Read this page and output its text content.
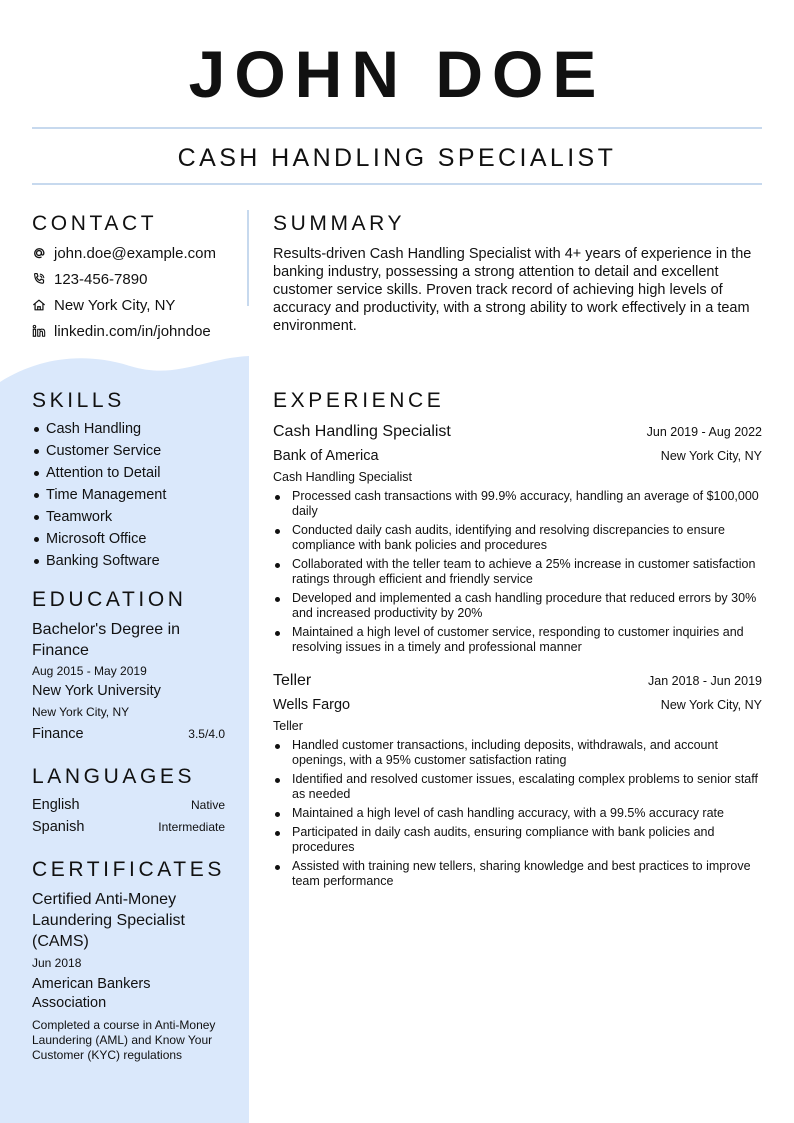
JOHN DOE
CASH HANDLING SPECIALIST
CONTACT
john.doe@example.com
123-456-7890
New York City, NY
linkedin.com/in/johndoe
SKILLS
Cash Handling
Customer Service
Attention to Detail
Time Management
Teamwork
Microsoft Office
Banking Software
EDUCATION
Bachelor's Degree in Finance
Aug 2015 - May 2019
New York University
New York City, NY
Finance	3.5/4.0
LANGUAGES
English	Native
Spanish	Intermediate
CERTIFICATES
Certified Anti-Money Laundering Specialist (CAMS)
Jun 2018
American Bankers Association
Completed a course in Anti-Money Laundering (AML) and Know Your Customer (KYC) regulations
SUMMARY
Results-driven Cash Handling Specialist with 4+ years of experience in the banking industry, possessing a strong attention to detail and excellent customer service skills. Proven track record of achieving high levels of accuracy and productivity, with a strong ability to work effectively in a team environment.
EXPERIENCE
Cash Handling Specialist	Jun 2019 - Aug 2022
Bank of America	New York City, NY
Cash Handling Specialist
Processed cash transactions with 99.9% accuracy, handling an average of $100,000 daily
Conducted daily cash audits, identifying and resolving discrepancies to ensure compliance with bank policies and procedures
Collaborated with the teller team to achieve a 25% increase in customer satisfaction ratings through efficient and friendly service
Developed and implemented a cash handling procedure that reduced errors by 30% and increased productivity by 20%
Maintained a high level of customer service, responding to customer inquiries and resolving issues in a timely and professional manner
Teller	Jan 2018 - Jun 2019
Wells Fargo	New York City, NY
Teller
Handled customer transactions, including deposits, withdrawals, and account openings, with a 95% customer satisfaction rating
Identified and resolved customer issues, escalating complex problems to senior staff as needed
Maintained a high level of cash handling accuracy, with a 99.5% accuracy rate
Participated in daily cash audits, ensuring compliance with bank policies and procedures
Assisted with training new tellers, sharing knowledge and best practices to improve team performance
